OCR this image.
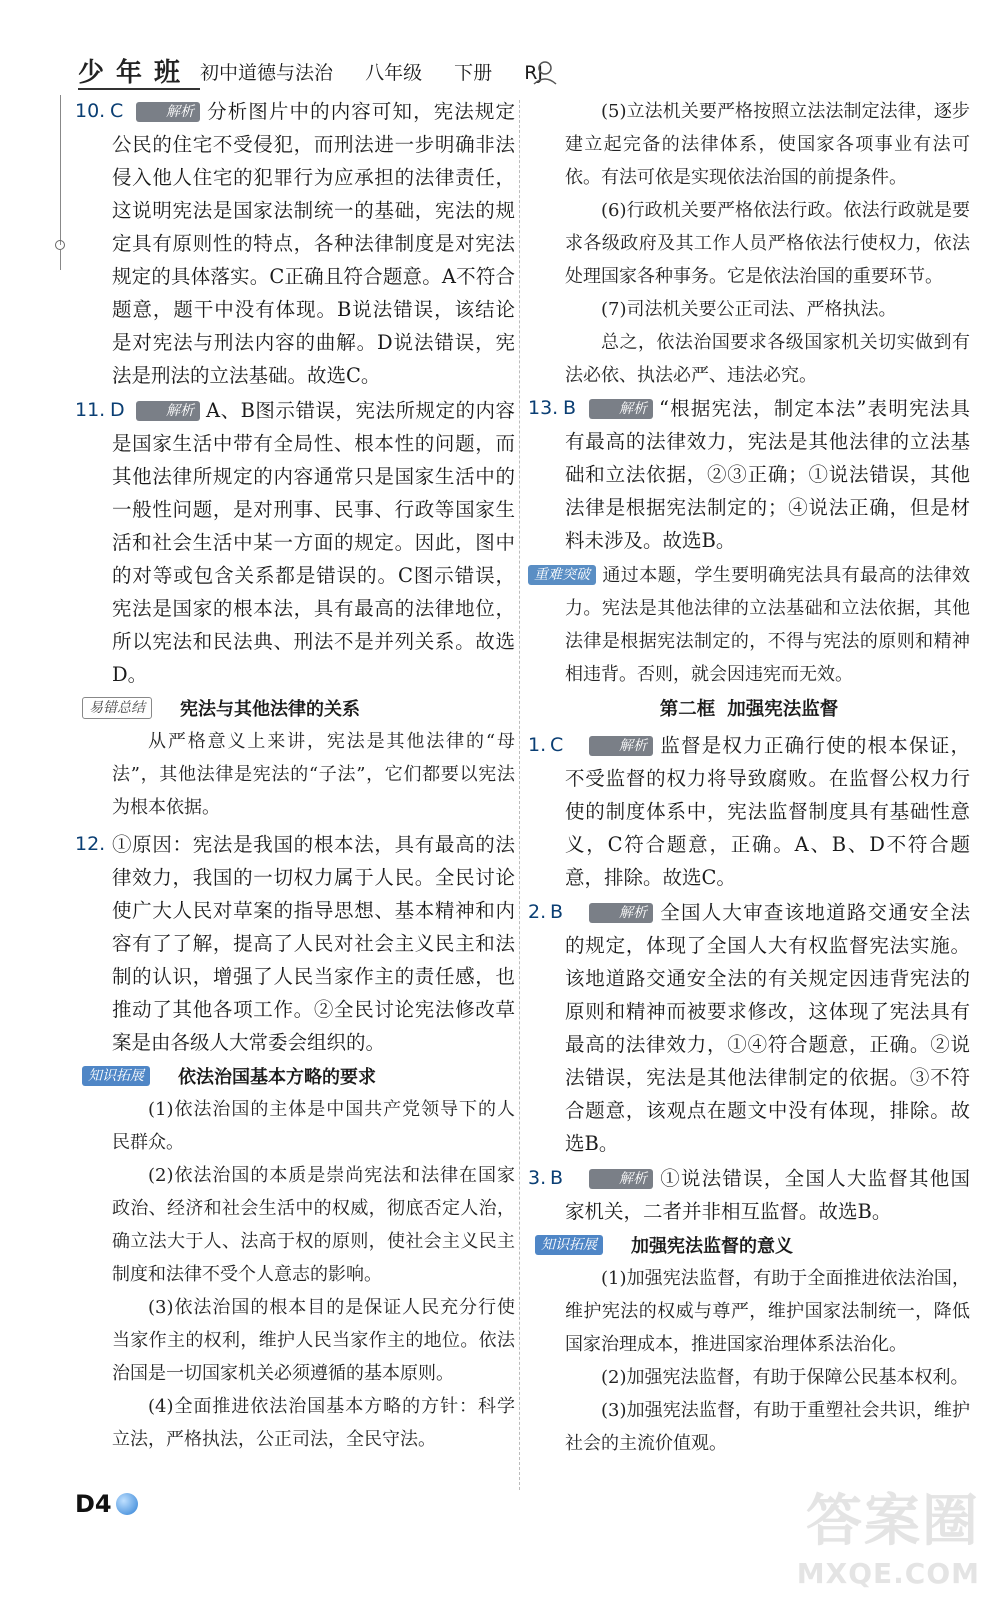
少 年 班 初中道德与法治 八年级 下册 RJ
10. C	解析 分析图片中的内容可知，宪法规定公民的住宅不受侵犯，而刑法进一步明确非法侵入他人住宅的犯罪行为应承担的法律责任，这说明宪法是国家法制统一的基础，宪法的规定具有原则性的特点，各种法律制度是对宪法规定的具体落实。C正确且符合题意。A不符合题意，题干中没有体现。B说法错误，该结论是对宪法与刑法内容的曲解。D说法错误，宪法是刑法的立法基础。故选C。
11. D	解析 A、B图示错误，宪法所规定的内容是国家生活中带有全局性、根本性的问题，而其他法律所规定的内容通常只是国家生活中的一般性问题，是对刑事、民事、行政等国家生活和社会生活中某一方面的规定。因此，图中的对等或包含关系都是错误的。C图示错误，宪法是国家的根本法，具有最高的法律地位，所以宪法和民法典、刑法不是并列关系。故选D。
易错总结	宪法与其他法律的关系
从严格意义上来讲，宪法是其他法律的“母法”，其他法律是宪法的“子法”，它们都要以宪法为根本依据。
12. ①原因：宪法是我国的根本法，具有最高的法律效力，我国的一切权力属于人民。全民讨论使广大人民对草案的指导思想、基本精神和内容有了了解，提高了人民对社会主义民主和法制的认识，增强了人民当家作主的责任感，也推动了其他各项工作。②全民讨论宪法修改草案是由各级人大常委会组织的。
知识拓展	依法治国基本方略的要求
(1)依法治国的主体是中国共产党领导下的人民群众。
(2)依法治国的本质是崇尚宪法和法律在国家政治、经济和社会生活中的权威，彻底否定人治，确立法大于人、法高于权的原则，使社会主义民主制度和法律不受个人意志的影响。
(3)依法治国的根本目的是保证人民充分行使当家作主的权利，维护人民当家作主的地位。依法治国是一切国家机关必须遵循的基本原则。
(4)全面推进依法治国基本方略的方针：科学立法，严格执法，公正司法，全民守法。
(5)立法机关要严格按照立法法制定法律，逐步建立起完备的法律体系，使国家各项事业有法可依。有法可依是实现依法治国的前提条件。
(6)行政机关要严格依法行政。依法行政就是要求各级政府及其工作人员严格依法行使权力，依法处理国家各种事务。它是依法治国的重要环节。
(7)司法机关要公正司法、严格执法。
总之，依法治国要求各级国家机关切实做到有法必依、执法必严、违法必究。
13. B	解析 “根据宪法，制定本法”表明宪法具有最高的法律效力，宪法是其他法律的立法基础和立法依据，②③正确；①说法错误，其他法律是根据宪法制定的；④说法正确，但是材料未涉及。故选B。
重难突破 通过本题，学生要明确宪法具有最高的法律效力。宪法是其他法律的立法基础和立法依据，其他法律是根据宪法制定的，不得与宪法的原则和精神相违背。否则，就会因违宪而无效。
第二框 加强宪法监督
1. C	解析 监督是权力正确行使的根本保证，不受监督的权力将导致腐败。在监督公权力行使的制度体系中，宪法监督制度具有基础性意义，C符合题意，正确。A、B、D不符合题意，排除。故选C。
2. B	解析 全国人大审查该地道路交通安全法的规定，体现了全国人大有权监督宪法实施。该地道路交通安全法的有关规定因违背宪法的原则和精神而被要求修改，这体现了宪法具有最高的法律效力，①④符合题意，正确。②说法错误，宪法是其他法律制定的依据。③不符合题意，该观点在题文中没有体现，排除。故选B。
3. B	解析 ①说法错误，全国人大监督其他国家机关，二者并非相互监督。故选B。
知识拓展	加强宪法监督的意义
(1)加强宪法监督，有助于全面推进依法治国，维护宪法的权威与尊严，维护国家法制统一，降低国家治理成本，推进国家治理体系法治化。
(2)加强宪法监督，有助于保障公民基本权利。
(3)加强宪法监督，有助于重塑社会共识，维护社会的主流价值观。
D4	答案圈
MXQE.COM
